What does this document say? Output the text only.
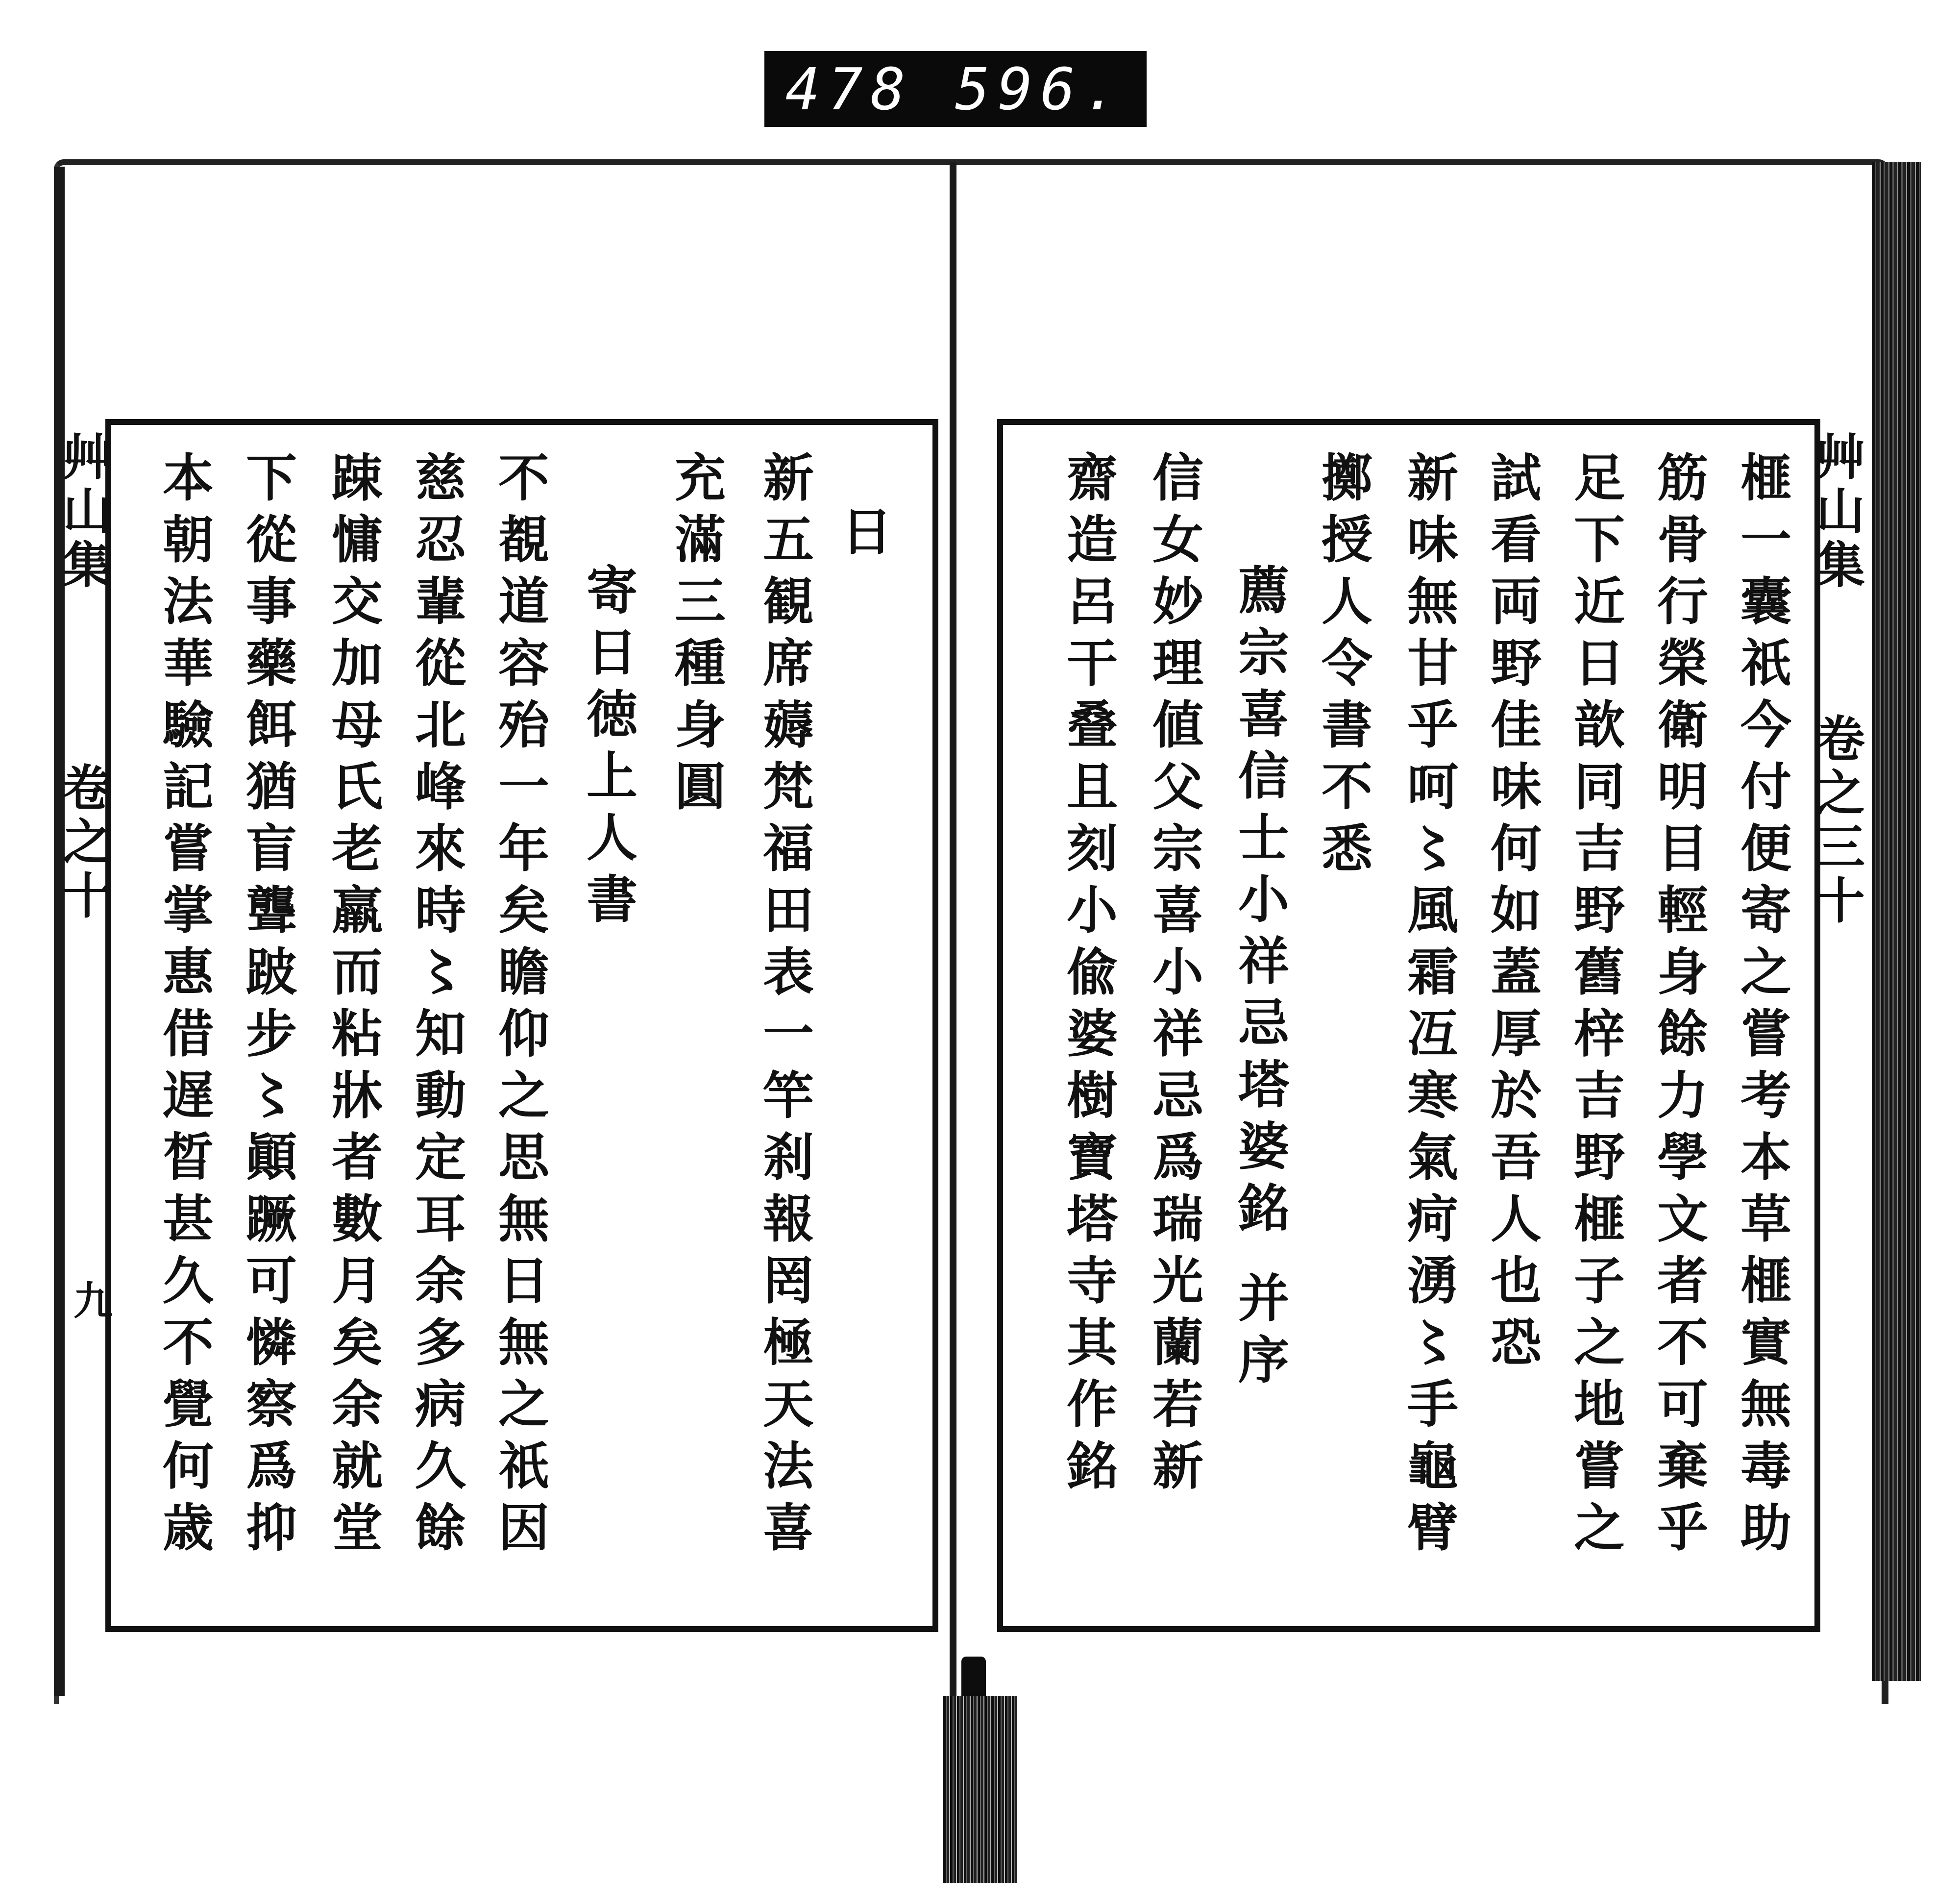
478 596.
艸山集 卷之十
九
艸山集 卷之三十
日
新五観席薅梵福田表一竿刹報罔極天法喜
充滿三種身圓
寄日徳上人書
不覩道容殆一年矣瞻仰之思無日無之祇因
慈忍輩從北峰來時〻知動定耳余多病久餘
踈慵交加母氏老羸而粘牀者數月矣余就堂
下從事藥餌猶盲聾跛步〻顚蹶可憐察爲抑
本朝法華驗記嘗掌惠借遅晳甚久不覺何歳	榧一囊祇今付便寄之嘗考本草榧實無毒助
筋骨行榮衛明目輕身餘力學文者不可棄乎
足下近日歆同吉野舊梓吉野榧子之地嘗之
試看両野佳味何如蓋厚於吾人也恐
新味無甘乎呵〻風霜冱寒氣疴湧〻手龜臂
擲授人令書不悉
薦宗喜信士小祥忌塔婆銘 并序
信女妙理値父宗喜小祥忌爲瑞光蘭若新
齋造呂干叠且刻小偸婆樹寶塔寺其作銘
